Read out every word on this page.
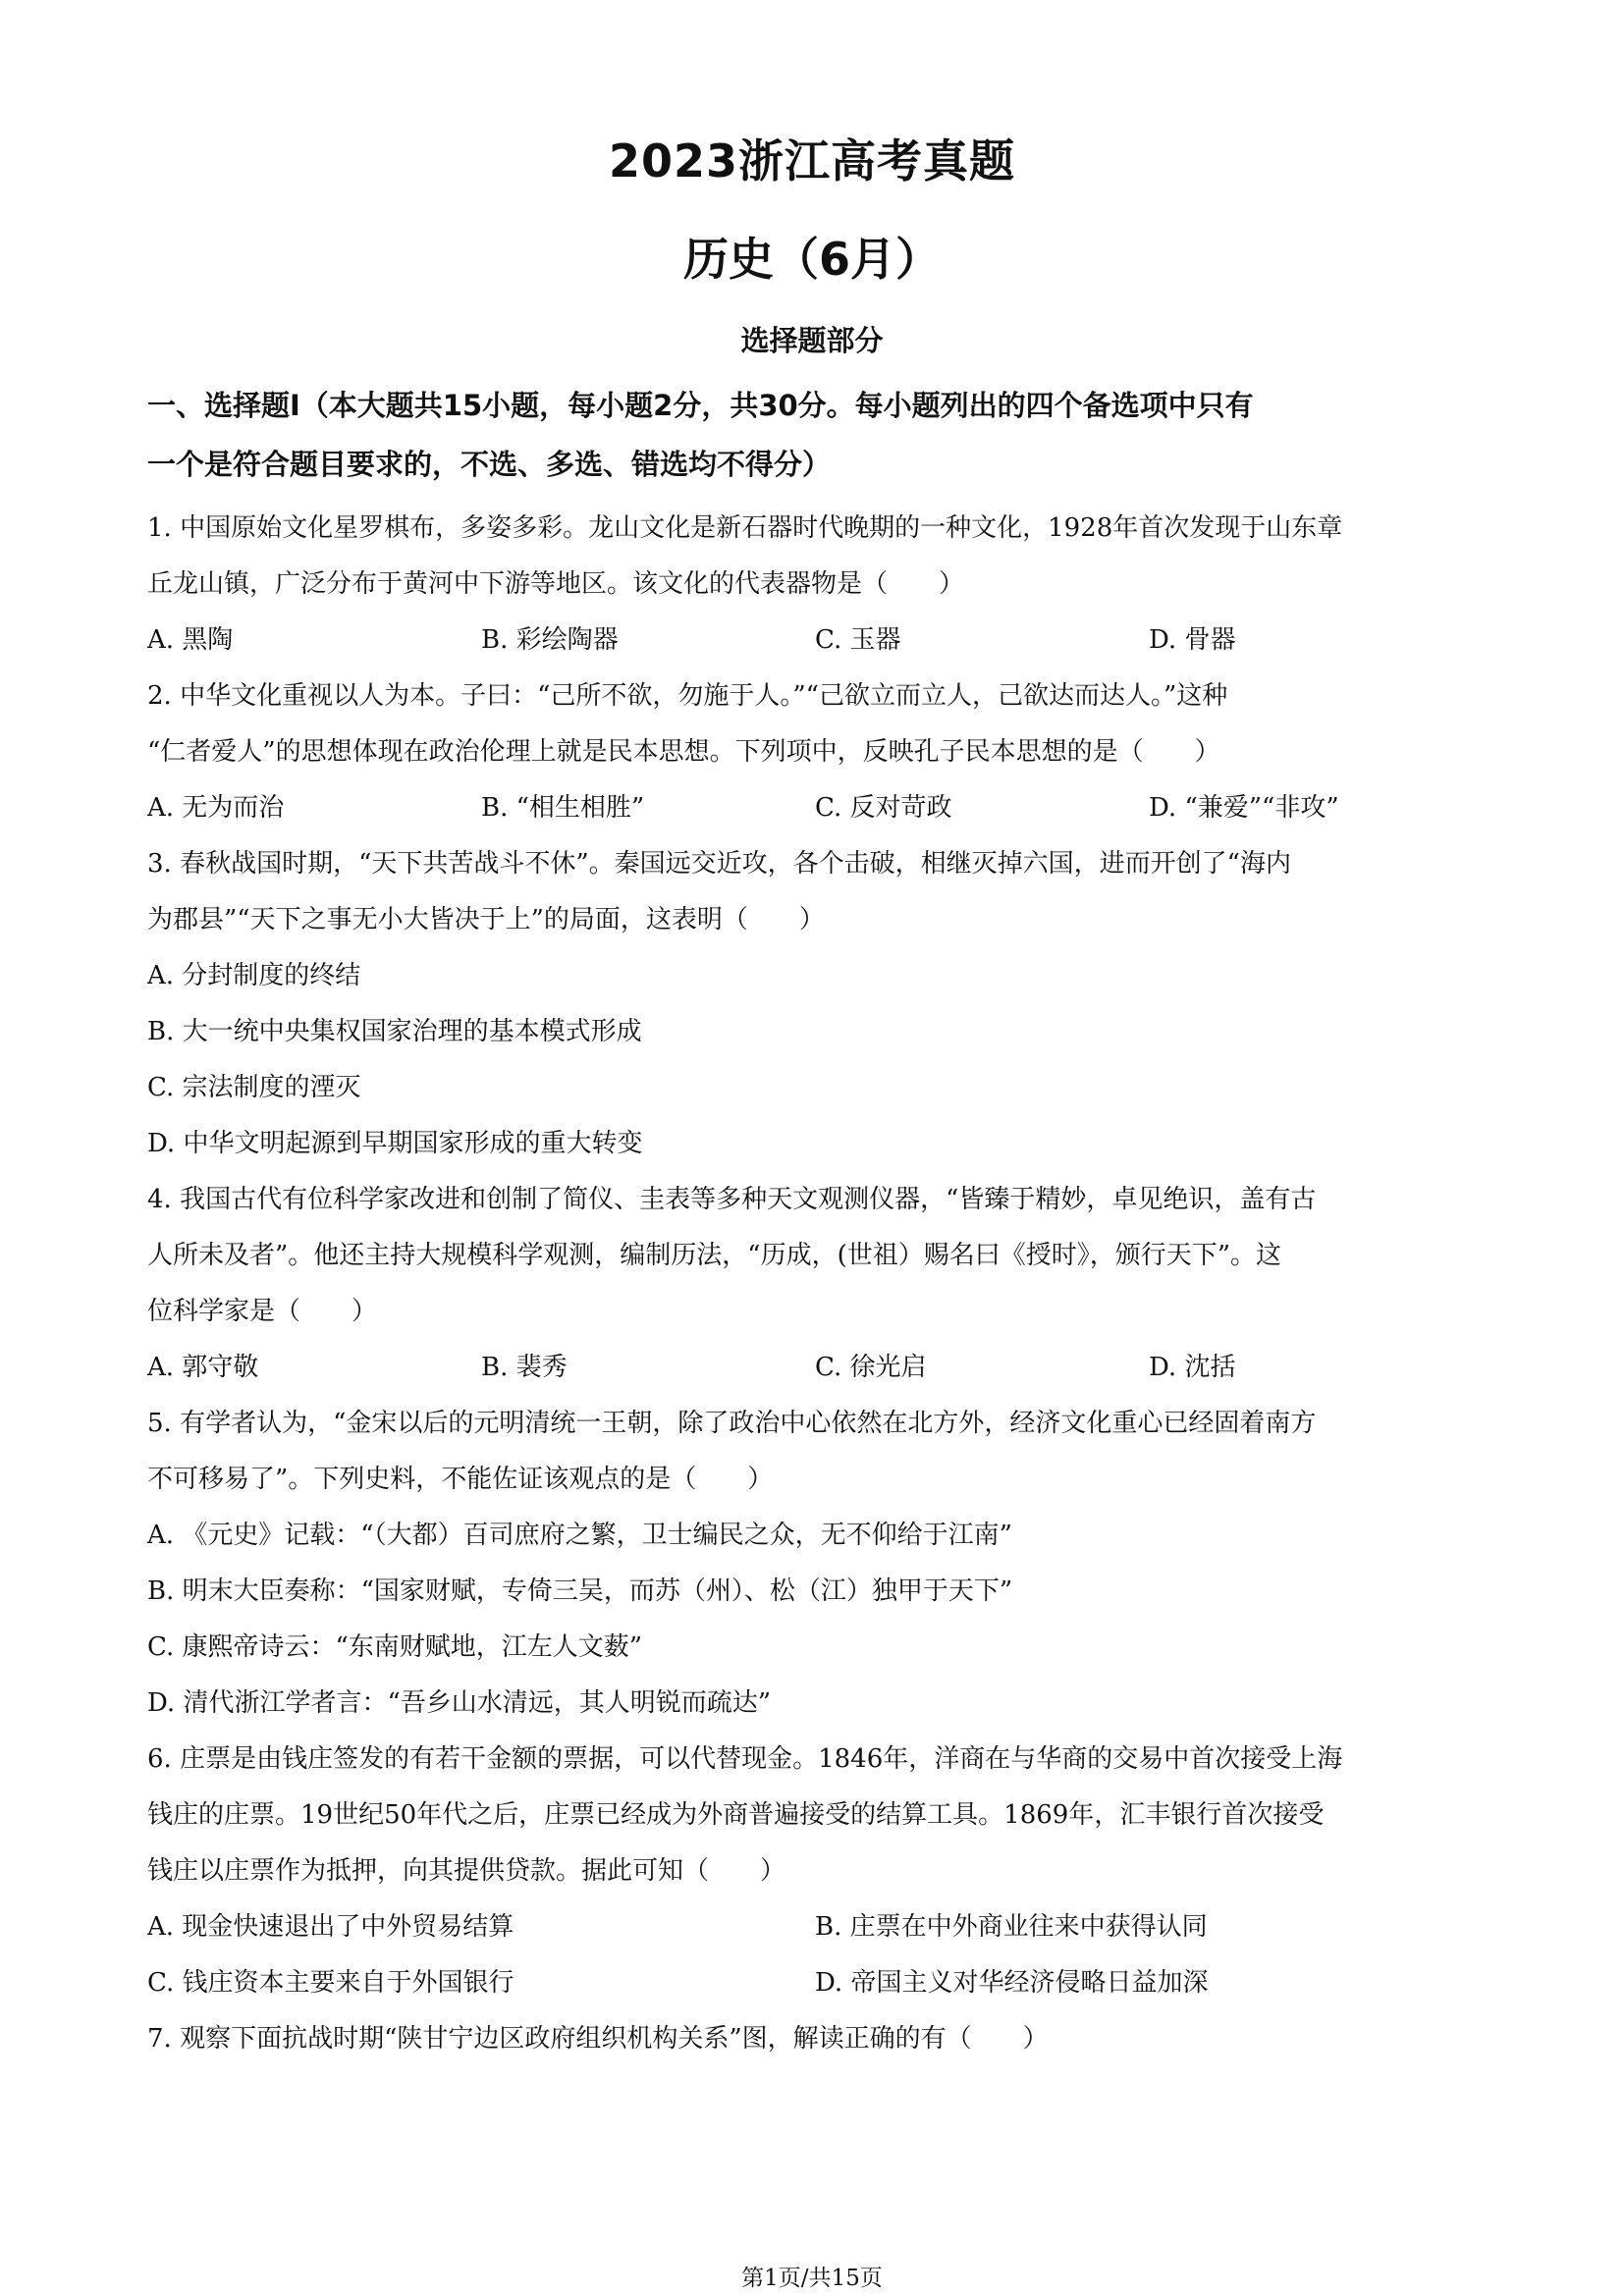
2023浙江高考真题
历史（6月）
选择题部分

一、选择题Ⅰ（本大题共15小题，每小题2分，共30分。每小题列出的四个备选项中只有

一个是符合题目要求的，不选、多选、错选均不得分）

1. 中国原始文化星罗棋布，多姿多彩。龙山文化是新石器时代晚期的一种文化，1928年首次发现于山东章

丘龙山镇，广泛分布于黄河中下游等地区。该文化的代表器物是（　　）

A. 黑陶	B. 彩绘陶器	C. 玉器	D. 骨器

2. 中华文化重视以人为本。子曰：“己所不欲，勿施于人。”“己欲立而立人，己欲达而达人。”这种

“仁者爱人”的思想体现在政治伦理上就是民本思想。下列项中，反映孔子民本思想的是（　　）

A. 无为而治	B. “相生相胜”	C. 反对苛政	D. “兼爱”“非攻”

3. 春秋战国时期，“天下共苦战斗不休”。秦国远交近攻，各个击破，相继灭掉六国，进而开创了“海内

为郡县”“天下之事无小大皆决于上”的局面，这表明（　　）

A. 分封制度的终结

B. 大一统中央集权国家治理的基本模式形成

C. 宗法制度的湮灭

D. 中华文明起源到早期国家形成的重大转变

4. 我国古代有位科学家改进和创制了简仪、圭表等多种天文观测仪器，“皆臻于精妙，卓见绝识，盖有古

人所未及者”。他还主持大规模科学观测，编制历法，“历成，(世祖）赐名曰《授时》，颁行天下”。这

位科学家是（　　）

A. 郭守敬	B. 裴秀	C. 徐光启	D. 沈括

5. 有学者认为，“金宋以后的元明清统一王朝，除了政治中心依然在北方外，经济文化重心已经固着南方

不可移易了”。下列史料，不能佐证该观点的是（　　）

A. 《元史》记载：“（大都）百司庶府之繁，卫士编民之众，无不仰给于江南”

B. 明末大臣奏称：“国家财赋，专倚三吴，而苏（州）、松（江）独甲于天下”

C. 康熙帝诗云：“东南财赋地，江左人文薮”

D. 清代浙江学者言：“吾乡山水清远，其人明锐而疏达”

6. 庄票是由钱庄签发的有若干金额的票据，可以代替现金。1846年，洋商在与华商的交易中首次接受上海

钱庄的庄票。19世纪50年代之后，庄票已经成为外商普遍接受的结算工具。1869年，汇丰银行首次接受

钱庄以庄票作为抵押，向其提供贷款。据此可知（　　）

A. 现金快速退出了中外贸易结算	B. 庄票在中外商业往来中获得认同
C. 钱庄资本主要来自于外国银行	D. 帝国主义对华经济侵略日益加深

7. 观察下面抗战时期“陕甘宁边区政府组织机构关系”图，解读正确的有（　　）

第1页/共15页
